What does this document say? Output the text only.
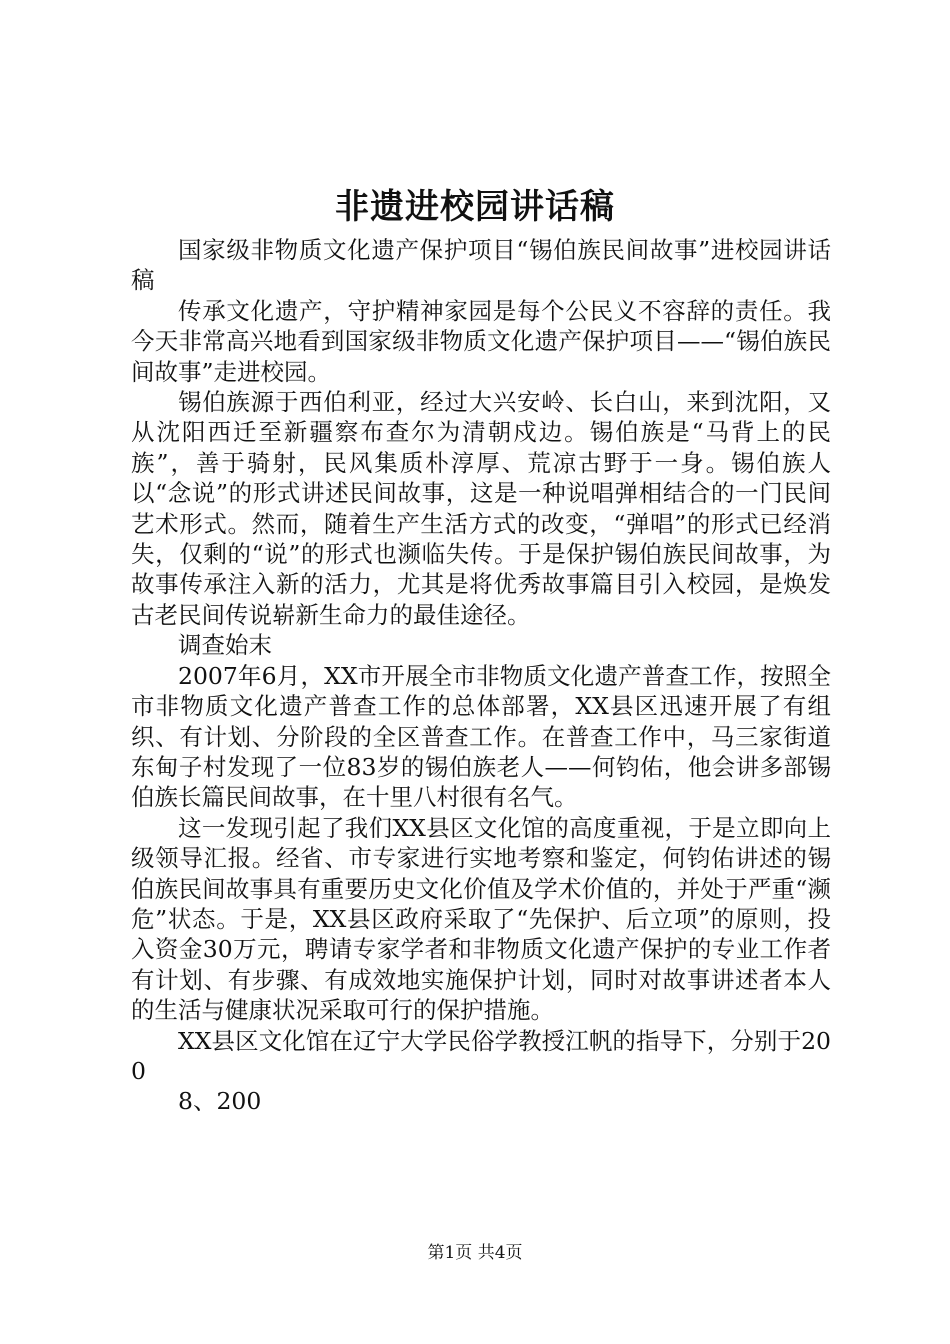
非遗进校园讲话稿

国家级非物质文化遗产保护项目“锡伯族民间故事”进校园讲话稿

传承文化遗产，守护精神家园是每个公民义不容辞的责任。我今天非常高兴地看到国家级非物质文化遗产保护项目——“锡伯族民间故事”走进校园。

锡伯族源于西伯利亚，经过大兴安岭、长白山，来到沈阳，又从沈阳西迁至新疆察布查尔为清朝戍边。锡伯族是“马背上的民族”，善于骑射，民风集质朴淳厚、荒凉古野于一身。锡伯族人以“念说”的形式讲述民间故事，这是一种说唱弹相结合的一门民间艺术形式。然而，随着生产生活方式的改变，“弹唱”的形式已经消失，仅剩的“说”的形式也濒临失传。于是保护锡伯族民间故事，为故事传承注入新的活力，尤其是将优秀故事篇目引入校园，是焕发古老民间传说崭新生命力的最佳途径。

调查始末

2007年6月，XX市开展全市非物质文化遗产普查工作，按照全市非物质文化遗产普查工作的总体部署，XX县区迅速开展了有组织、有计划、分阶段的全区普查工作。在普查工作中，马三家街道东甸子村发现了一位83岁的锡伯族老人——何钧佑，他会讲多部锡伯族长篇民间故事，在十里八村很有名气。

这一发现引起了我们XX县区文化馆的高度重视，于是立即向上级领导汇报。经省、市专家进行实地考察和鉴定，何钧佑讲述的锡伯族民间故事具有重要历史文化价值及学术价值的，并处于严重“濒危”状态。于是，XX县区政府采取了“先保护、后立项”的原则，投入资金30万元，聘请专家学者和非物质文化遗产保护的专业工作者有计划、有步骤、有成效地实施保护计划，同时对故事讲述者本人的生活与健康状况采取可行的保护措施。

XX县区文化馆在辽宁大学民俗学教授江帆的指导下，分别于200

8、200

第1页 共4页
